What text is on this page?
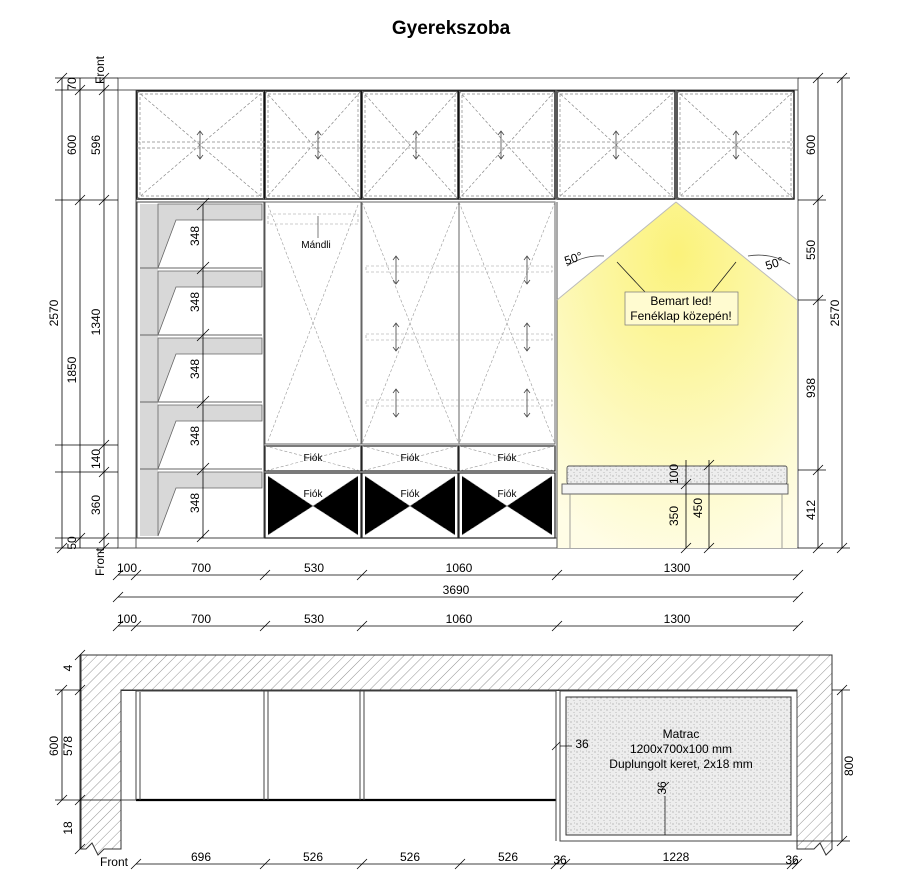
Gyerekszoba
348
348
348
348
348
Mándli
Fiók	Fiók	Fiók
Fiók	Fiók	Fiók
50°	50°
Bemart led!
Fenéklap közepén!
2570
70
600
1850
50
596
1340
140
360
Front
Front
600
550
938
412
2570
100
350 450
100	700	530	1060	1300
3690
100	700	530	1060	1300
Matrac
1200x700x100 mm
Duplungolt keret, 2x18 mm
36
36
4
600 578
18
800
Front	696	526	526	526	36	1228	36
